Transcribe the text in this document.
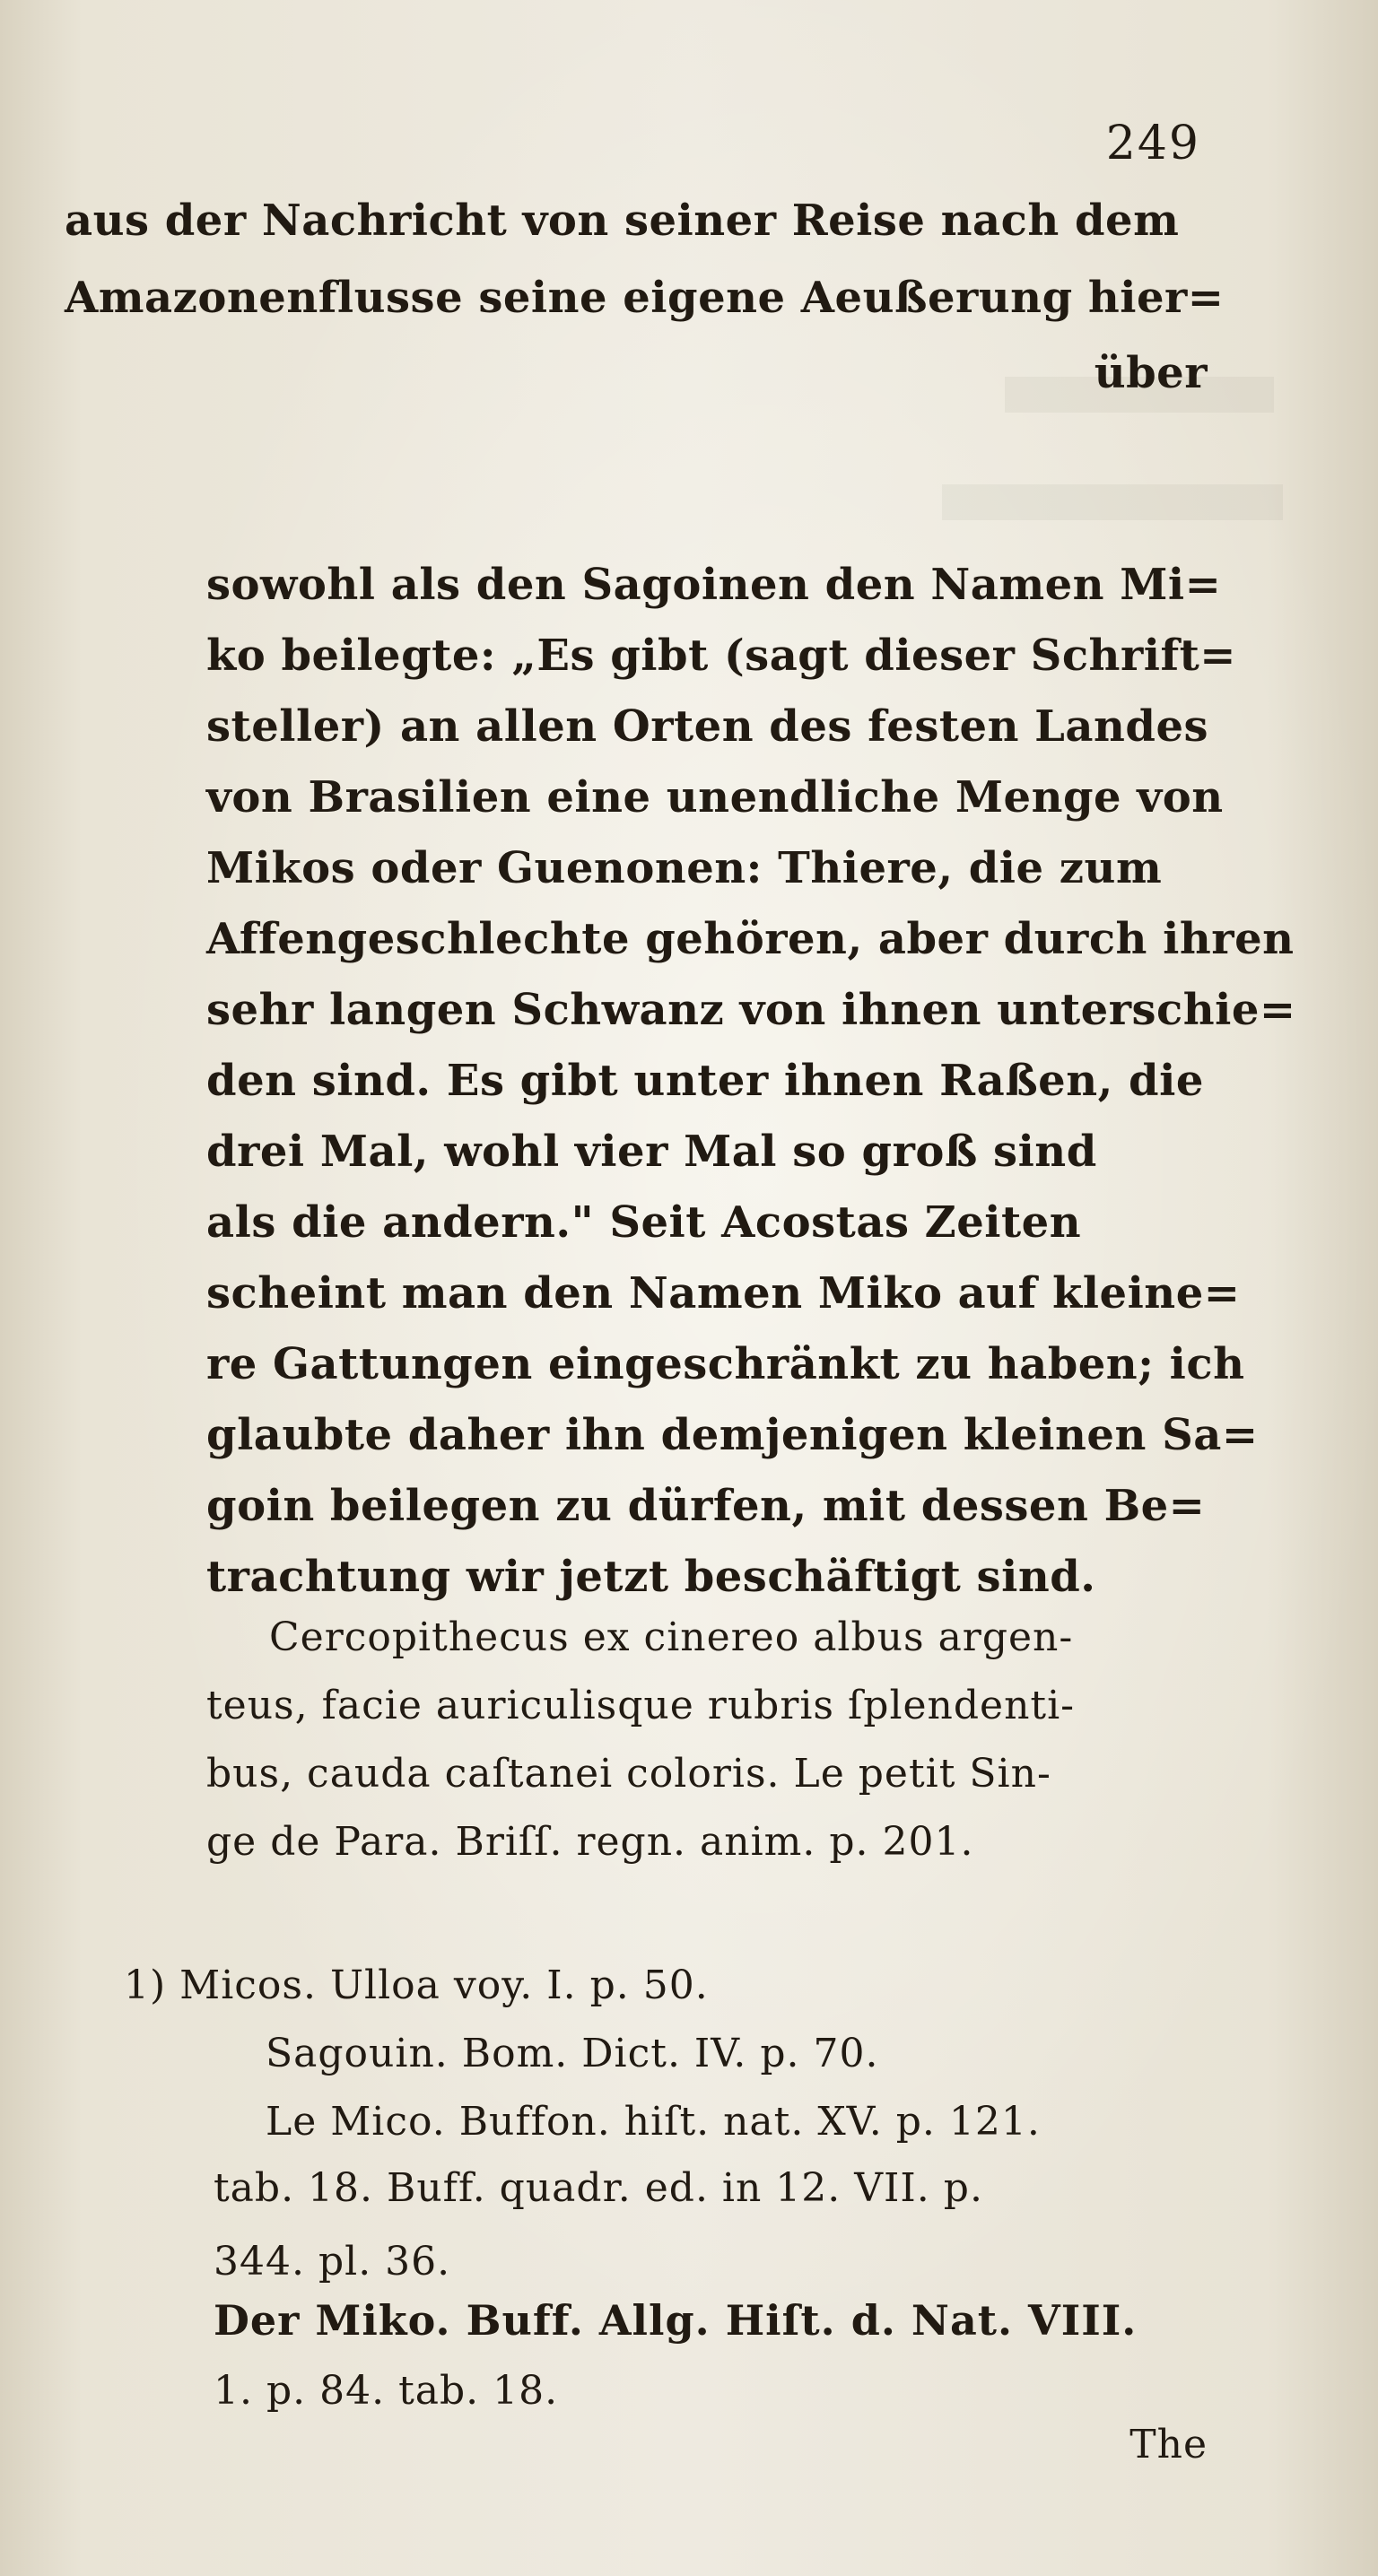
249
aus der Nachricht von seiner Reise nach dem
Amazonenflusse seine eigene Aeußerung hier=
über
sowohl als den Sagoinen den Namen Mi=
ko beilegte: „Es gibt (sagt dieser Schrift=
steller) an allen Orten des festen Landes
von Brasilien eine unendliche Menge von
Mikos oder Guenonen: Thiere, die zum
Affengeschlechte gehören, aber durch ihren
sehr langen Schwanz von ihnen unterschie=
den sind. Es gibt unter ihnen Raßen, die
drei Mal, wohl vier Mal so groß sind
als die andern." Seit Acostas Zeiten
scheint man den Namen Miko auf kleine=
re Gattungen eingeschränkt zu haben; ich
glaubte daher ihn demjenigen kleinen Sa=
goin beilegen zu dürfen, mit dessen Be=
trachtung wir jetzt beschäftigt sind.
Cercopithecus ex cinereo albus argen-
teus, facie auriculisque rubris ſplendenti-
bus, cauda caſtanei coloris. Le petit Sin-
ge de Para. Briſſ. regn. anim. p. 201.
1) Micos. Ulloa voy. I. p. 50.
Sagouin. Bom. Dict. IV. p. 70.
Le Mico. Buffon. hiſt. nat. XV. p. 121.
tab. 18. Buff. quadr. ed. in 12. VII. p.
344. pl. 36.
Der Miko. Buff. Allg. Hiſt. d. Nat. VIII.
1. p. 84. tab. 18.
The
